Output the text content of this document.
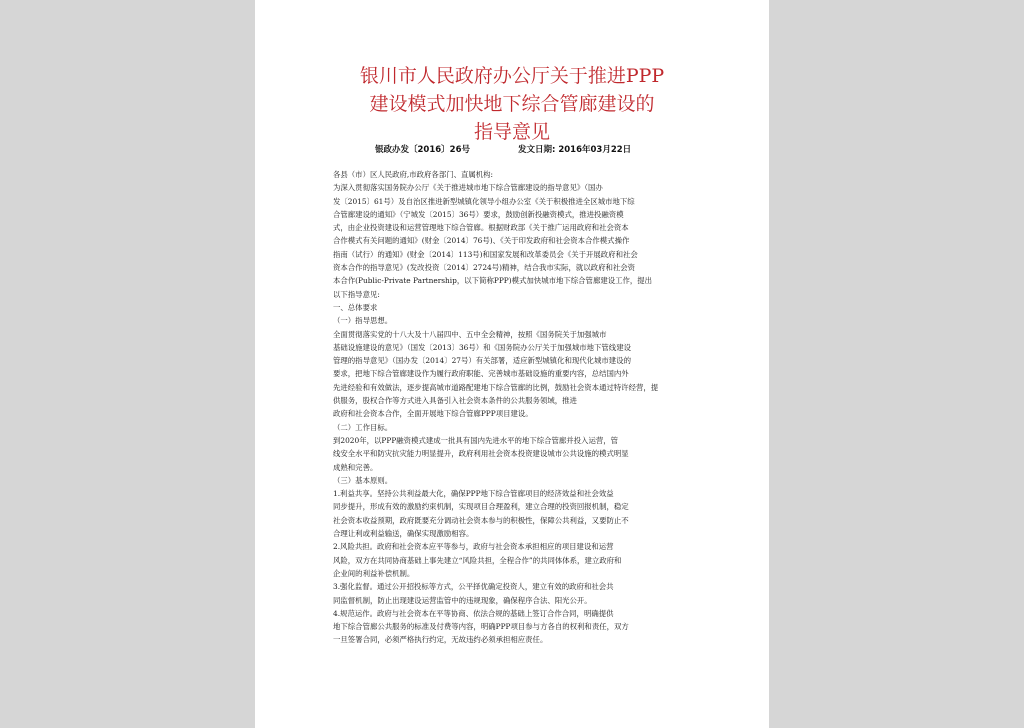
银川市人民政府办公厅关于推进PPP
建设模式加快地下综合管廊建设的
指导意见
银政办发〔2016〕26号	发文日期: 2016年03月22日
各县（市）区人民政府,市政府各部门、直属机构:
为深入贯彻落实国务院办公厅《关于推进城市地下综合管廊建设的指导意见》（国办
发〔2015〕61号）及自治区推进新型城镇化领导小组办公室《关于积极推进全区城市地下综
合管廊建设的通知》（宁城发〔2015〕36号）要求，鼓励创新投融资模式，推进投融资模
式，由企业投资建设和运营管理地下综合管廊。根据财政部《关于推广运用政府和社会资本
合作模式有关问题的通知》(财金〔2014〕76号)、《关于印发政府和社会资本合作模式操作
指南（试行）的通知》(财金〔2014〕113号)和国家发展和改革委员会《关于开展政府和社会
资本合作的指导意见》(发改投资〔2014〕2724号)精神，结合我市实际，就以政府和社会资
本合作(Public-Private Partnership，以下简称PPP)模式加快城市地下综合管廊建设工作，提出
以下指导意见:
一、总体要求
（一）指导思想。
全面贯彻落实党的十八大及十八届四中、五中全会精神，按照《国务院关于加强城市
基础设施建设的意见》（国发〔2013〕36号）和《国务院办公厅关于加强城市地下管线建设
管理的指导意见》（国办发〔2014〕27号）有关部署，适应新型城镇化和现代化城市建设的
要求，把地下综合管廊建设作为履行政府职能、完善城市基础设施的重要内容，总结国内外
先进经验和有效做法，逐步提高城市道路配建地下综合管廊的比例，鼓励社会资本通过特许经营，提
供服务，股权合作等方式进入具备引入社会资本条件的公共服务领域，推进
政府和社会资本合作，全面开展地下综合管廊PPP项目建设。
（二）工作目标。
到2020年，以PPP融资模式建成一批具有国内先进水平的地下综合管廊并投入运营，管
线安全水平和防灾抗灾能力明显提升，政府利用社会资本投资建设城市公共设施的模式明显
成熟和完善。
（三）基本原则。
1.利益共享。坚持公共利益最大化，确保PPP地下综合管廊项目的经济效益和社会效益
同步提升，形成有效的激励约束机制，实现项目合理盈利，建立合理的投资回报机制，稳定
社会资本收益预期，政府既要充分调动社会资本参与的积极性，保障公共利益，又要防止不
合理让利或利益输送，确保实现激励相容。
2.风险共担。政府和社会资本应平等参与，政府与社会资本承担相应的项目建设和运营
风险，双方在共同协商基础上事先建立“风险共担，全程合作”的共同体体系，建立政府和
企业间的利益补偿机制。
3.强化监督。通过公开招投标等方式，公平择优确定投资人，建立有效的政府和社会共
同监督机制，防止出现建设运营监管中的违规现象，确保程序合法、阳光公开。
4.规范运作。政府与社会资本在平等协商、依法合规的基础上签订合作合同，明确提供
地下综合管廊公共服务的标准及付费等内容，明确PPP项目参与方各自的权利和责任，双方
一旦签署合同，必须严格执行约定，无故违约必须承担相应责任。
